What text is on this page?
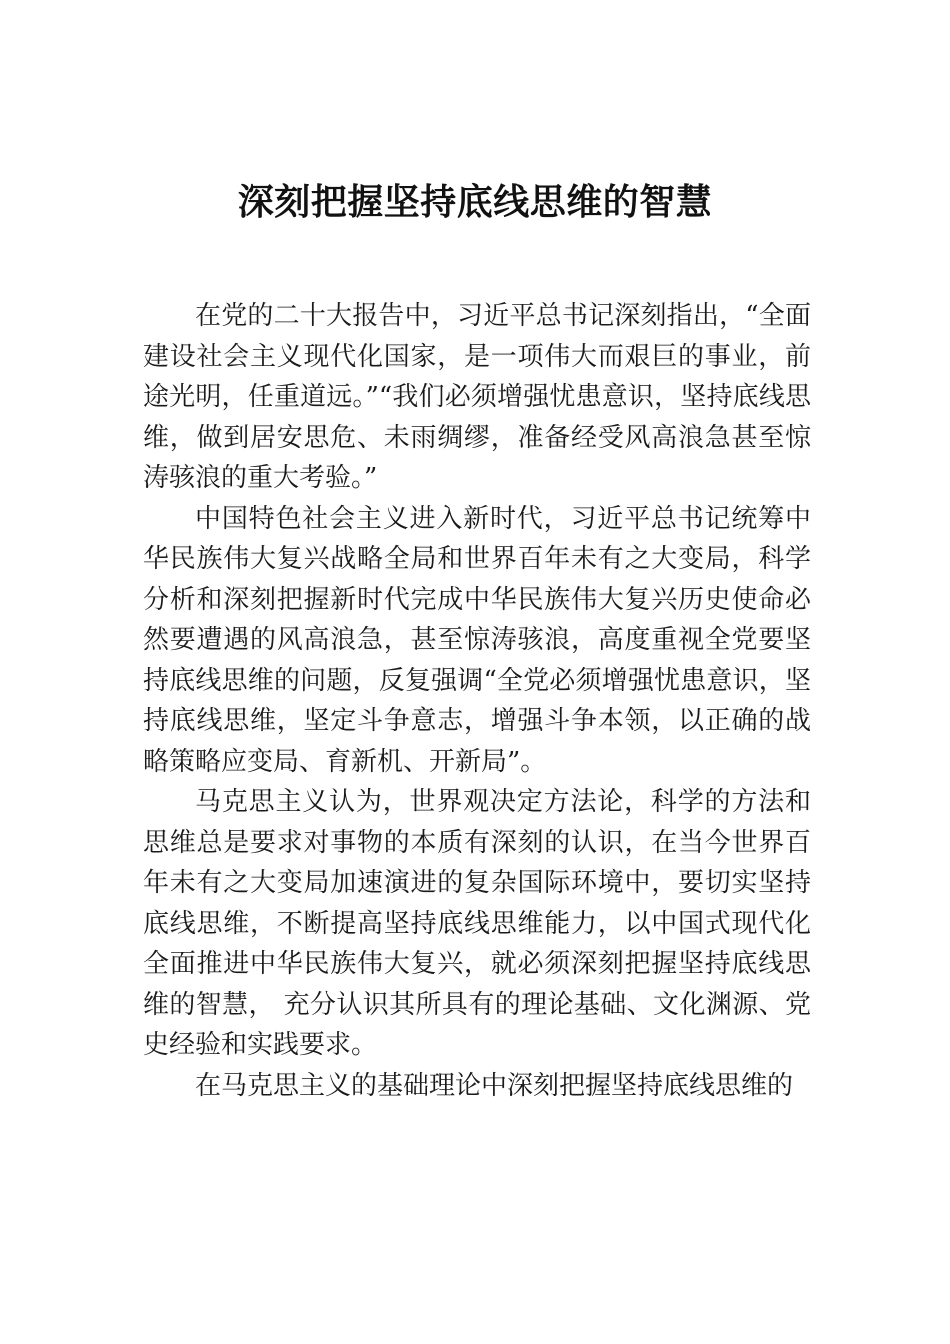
深刻把握坚持底线思维的智慧

在党的二十大报告中，习近平总书记深刻指出，“全面建设社会主义现代化国家，是一项伟大而艰巨的事业，前途光明，任重道远。”“我们必须增强忧患意识，坚持底线思维，做到居安思危、未雨绸缪，准备经受风高浪急甚至惊涛骇浪的重大考验。”

中国特色社会主义进入新时代，习近平总书记统筹中华民族伟大复兴战略全局和世界百年未有之大变局，科学分析和深刻把握新时代完成中华民族伟大复兴历史使命必然要遭遇的风高浪急，甚至惊涛骇浪，高度重视全党要坚持底线思维的问题，反复强调“全党必须增强忧患意识，坚持底线思维，坚定斗争意志，增强斗争本领，以正确的战略策略应变局、育新机、开新局”。

马克思主义认为，世界观决定方法论，科学的方法和思维总是要求对事物的本质有深刻的认识，在当今世界百年未有之大变局加速演进的复杂国际环境中，要切实坚持底线思维，不断提高坚持底线思维能力，以中国式现代化全面推进中华民族伟大复兴，就必须深刻把握坚持底线思维的智慧， 充分认识其所具有的理论基础、文化渊源、党史经验和实践要求。

在马克思主义的基础理论中深刻把握坚持底线思维的
